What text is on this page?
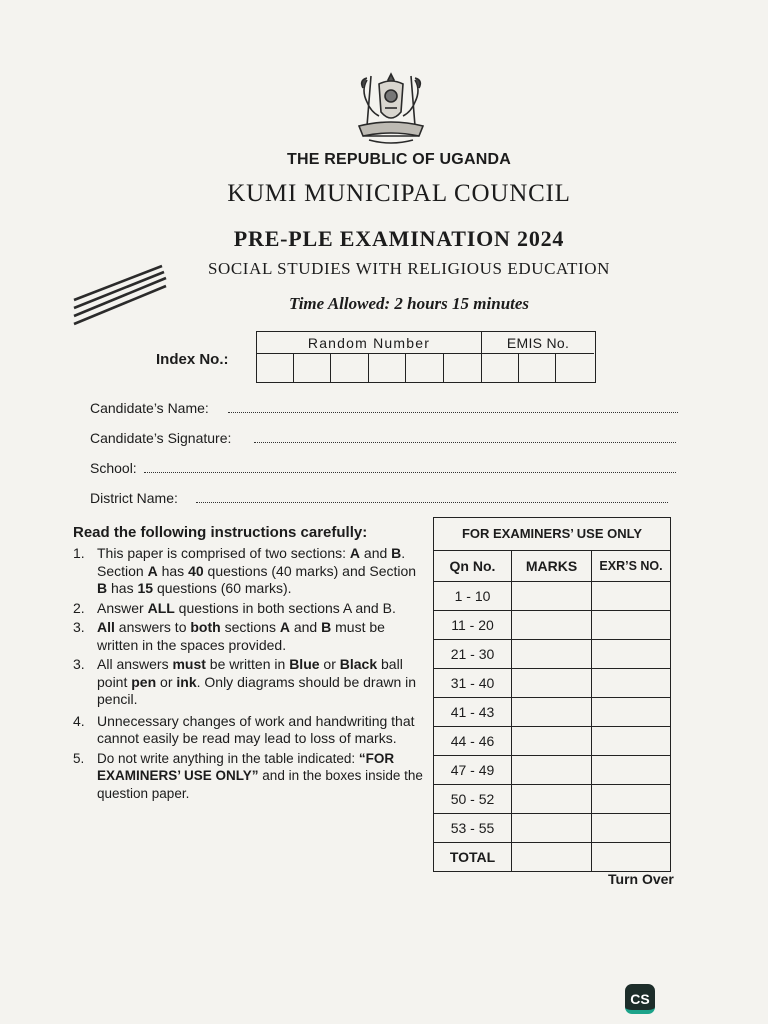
THE REPUBLIC OF UGANDA
KUMI MUNICIPAL COUNCIL
PRE-PLE EXAMINATION 2024
SOCIAL STUDIES WITH RELIGIOUS EDUCATION
Time Allowed: 2 hours 15 minutes
Index No.:
Random Number	EMIS No.
Candidate’s Name:
Candidate’s Signature:
School:
District Name:
Read the following instructions carefully:
1. This paper is comprised of two sections: A and B. Section A has 40 questions (40 marks) and Section B has 15 questions (60 marks).
2. Answer ALL questions in both sections A and B.
3. All answers to both sections A and B must be written in the spaces provided.
3. All answers must be written in Blue or Black ball point pen or ink. Only diagrams should be drawn in pencil.
4. Unnecessary changes of work and handwriting that cannot easily be read may lead to loss of marks.
5. Do not write anything in the table indicated: “FOR EXAMINERS’ USE ONLY” and in the boxes inside the question paper.
FOR EXAMINERS’ USE ONLY		
Qn No.	MARKS	EXR’S NO.
1 - 10		
11 - 20		
21 - 30		
31 - 40		
41 - 43		
44 - 46		
47 - 49		
50 - 52		
53 - 55		
TOTAL		
Turn Over
CS
